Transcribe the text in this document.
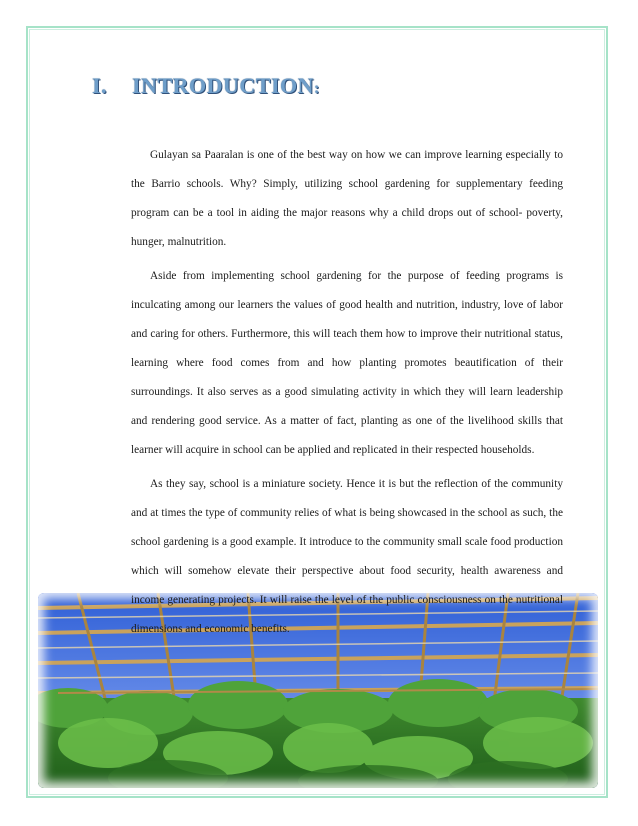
I. INTRODUCTION:

Gulayan sa Paaralan is one of the best way on how we can improve learning especially to the Barrio schools. Why? Simply, utilizing school gardening for supplementary feeding program can be a tool in aiding the major reasons why a child drops out of school- poverty, hunger, malnutrition.

Aside from implementing school gardening for the purpose of feeding programs is inculcating among our learners the values of good health and nutrition, industry, love of labor and caring for others. Furthermore, this will teach them how to improve their nutritional status, learning where food comes from and how planting promotes beautification of their surroundings. It also serves as a good simulating activity in which they will learn leadership and rendering good service. As a matter of fact, planting as one of the livelihood skills that learner will acquire in school can be applied and replicated in their respected households.

As they say, school is a miniature society. Hence it is but the reflection of the community and at times the type of community relies of what is being showcased in the school as such, the school gardening is a good example. It introduce to the community small scale food production which will somehow elevate their perspective about food security, health awareness and income generating projects. It will raise the level of the public consciousness on the nutritional dimensions and economic benefits.
